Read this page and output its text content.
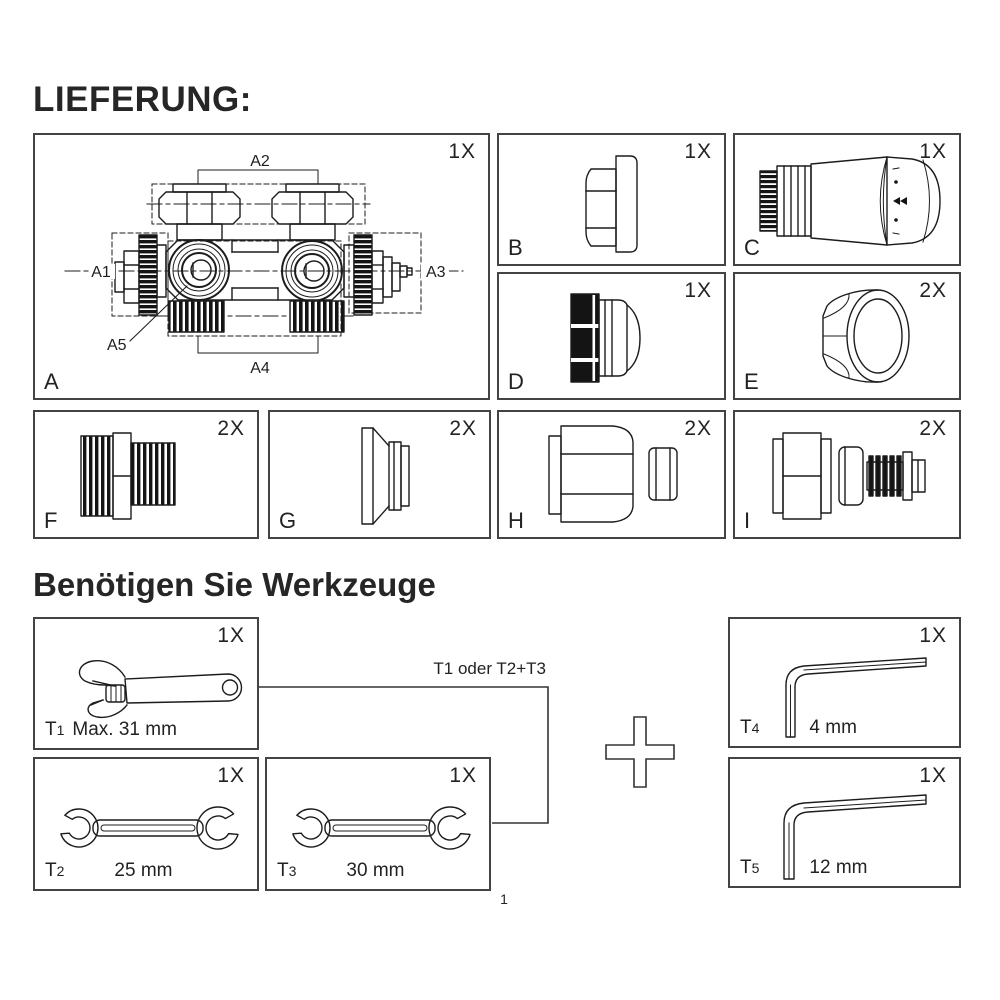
LIEFERUNG:
A2
A1	A3
A4
A5
1X
A
1X
B
1X
C
1X
D
2X
E
2X
F
2X
G
2X
H
2X
I
Benötigen Sie Werkzeuge
T1 oder T2+T3
1X
T1 Max. 31 mm
1X
T2	25 mm
1X
T3	30 mm
1X
T4	4 mm
1X
T5	12 mm
1
